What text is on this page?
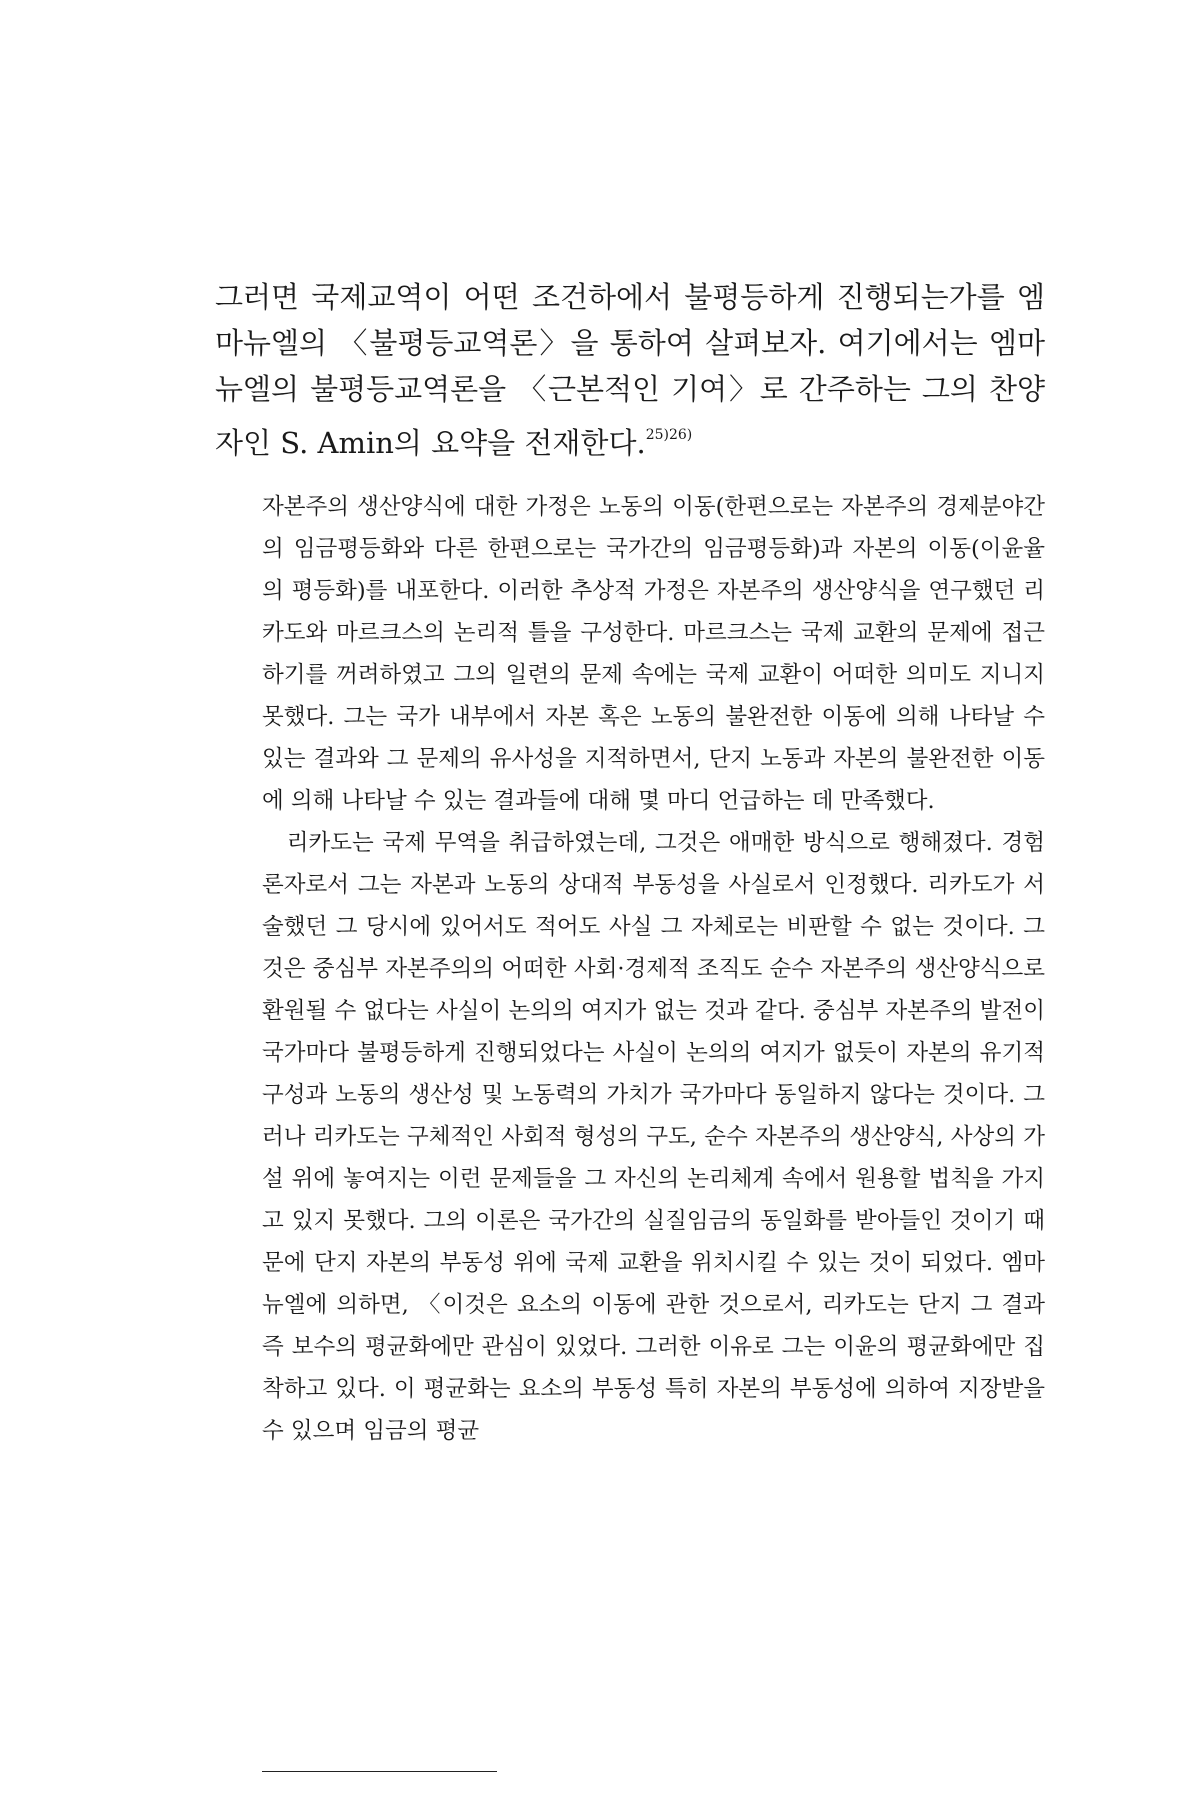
그러면 국제교역이 어떤 조건하에서 불평등하게 진행되는가를 엠마뉴엘의 〈불평등교역론〉을 통하여 살펴보자. 여기에서는 엠마뉴엘의 불평등교역론을 〈근본적인 기여〉로 간주하는 그의 찬양자인 S. Amin의 요약을 전재한다.$^{25)26)}$

자본주의 생산양식에 대한 가정은 노동의 이동(한편으로는 자본주의 경제분야간의 임금평등화와 다른 한편으로는 국가간의 임금평등화)과 자본의 이동(이윤율의 평등화)를 내포한다. 이러한 추상적 가정은 자본주의 생산양식을 연구했던 리카도와 마르크스의 논리적 틀을 구성한다. 마르크스는 국제 교환의 문제에 접근하기를 꺼려하였고 그의 일련의 문제 속에는 국제 교환이 어떠한 의미도 지니지 못했다. 그는 국가 내부에서 자본 혹은 노동의 불완전한 이동에 의해 나타날 수 있는 결과와 그 문제의 유사성을 지적하면서, 단지 노동과 자본의 불완전한 이동에 의해 나타날 수 있는 결과들에 대해 몇 마디 언급하는 데 만족했다.

리카도는 국제 무역을 취급하였는데, 그것은 애매한 방식으로 행해졌다. 경험론자로서 그는 자본과 노동의 상대적 부동성을 사실로서 인정했다. 리카도가 서술했던 그 당시에 있어서도 적어도 사실 그 자체로는 비판할 수 없는 것이다. 그것은 중심부 자본주의의 어떠한 사회·경제적 조직도 순수 자본주의 생산양식으로 환원될 수 없다는 사실이 논의의 여지가 없는 것과 같다. 중심부 자본주의 발전이 국가마다 불평등하게 진행되었다는 사실이 논의의 여지가 없듯이 자본의 유기적 구성과 노동의 생산성 및 노동력의 가치가 국가마다 동일하지 않다는 것이다. 그러나 리카도는 구체적인 사회적 형성의 구도, 순수 자본주의 생산양식, 사상의 가설 위에 놓여지는 이런 문제들을 그 자신의 논리체계 속에서 원용할 법칙을 가지고 있지 못했다. 그의 이론은 국가간의 실질임금의 동일화를 받아들인 것이기 때문에 단지 자본의 부동성 위에 국제 교환을 위치시킬 수 있는 것이 되었다. 엠마뉴엘에 의하면, 〈이것은 요소의 이동에 관한 것으로서, 리카도는 단지 그 결과 즉 보수의 평균화에만 관심이 있었다. 그러한 이유로 그는 이윤의 평균화에만 집착하고 있다. 이 평균화는 요소의 부동성 특히 자본의 부동성에 의하여 지장받을 수 있으며 임금의 평균
